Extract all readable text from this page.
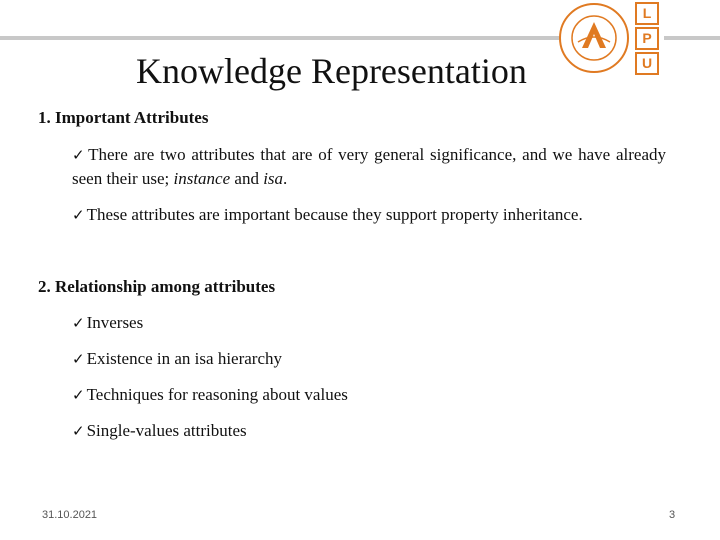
L
P
U
Knowledge Representation
1. Important Attributes
✓ There are two attributes that are of very general significance, and we have already seen their use; instance and isa.
✓ These attributes are important because they support property inheritance.
2. Relationship among attributes
✓ Inverses
✓ Existence in an isa hierarchy
✓ Techniques for reasoning about values
✓ Single-values attributes
31.10.2021	3
